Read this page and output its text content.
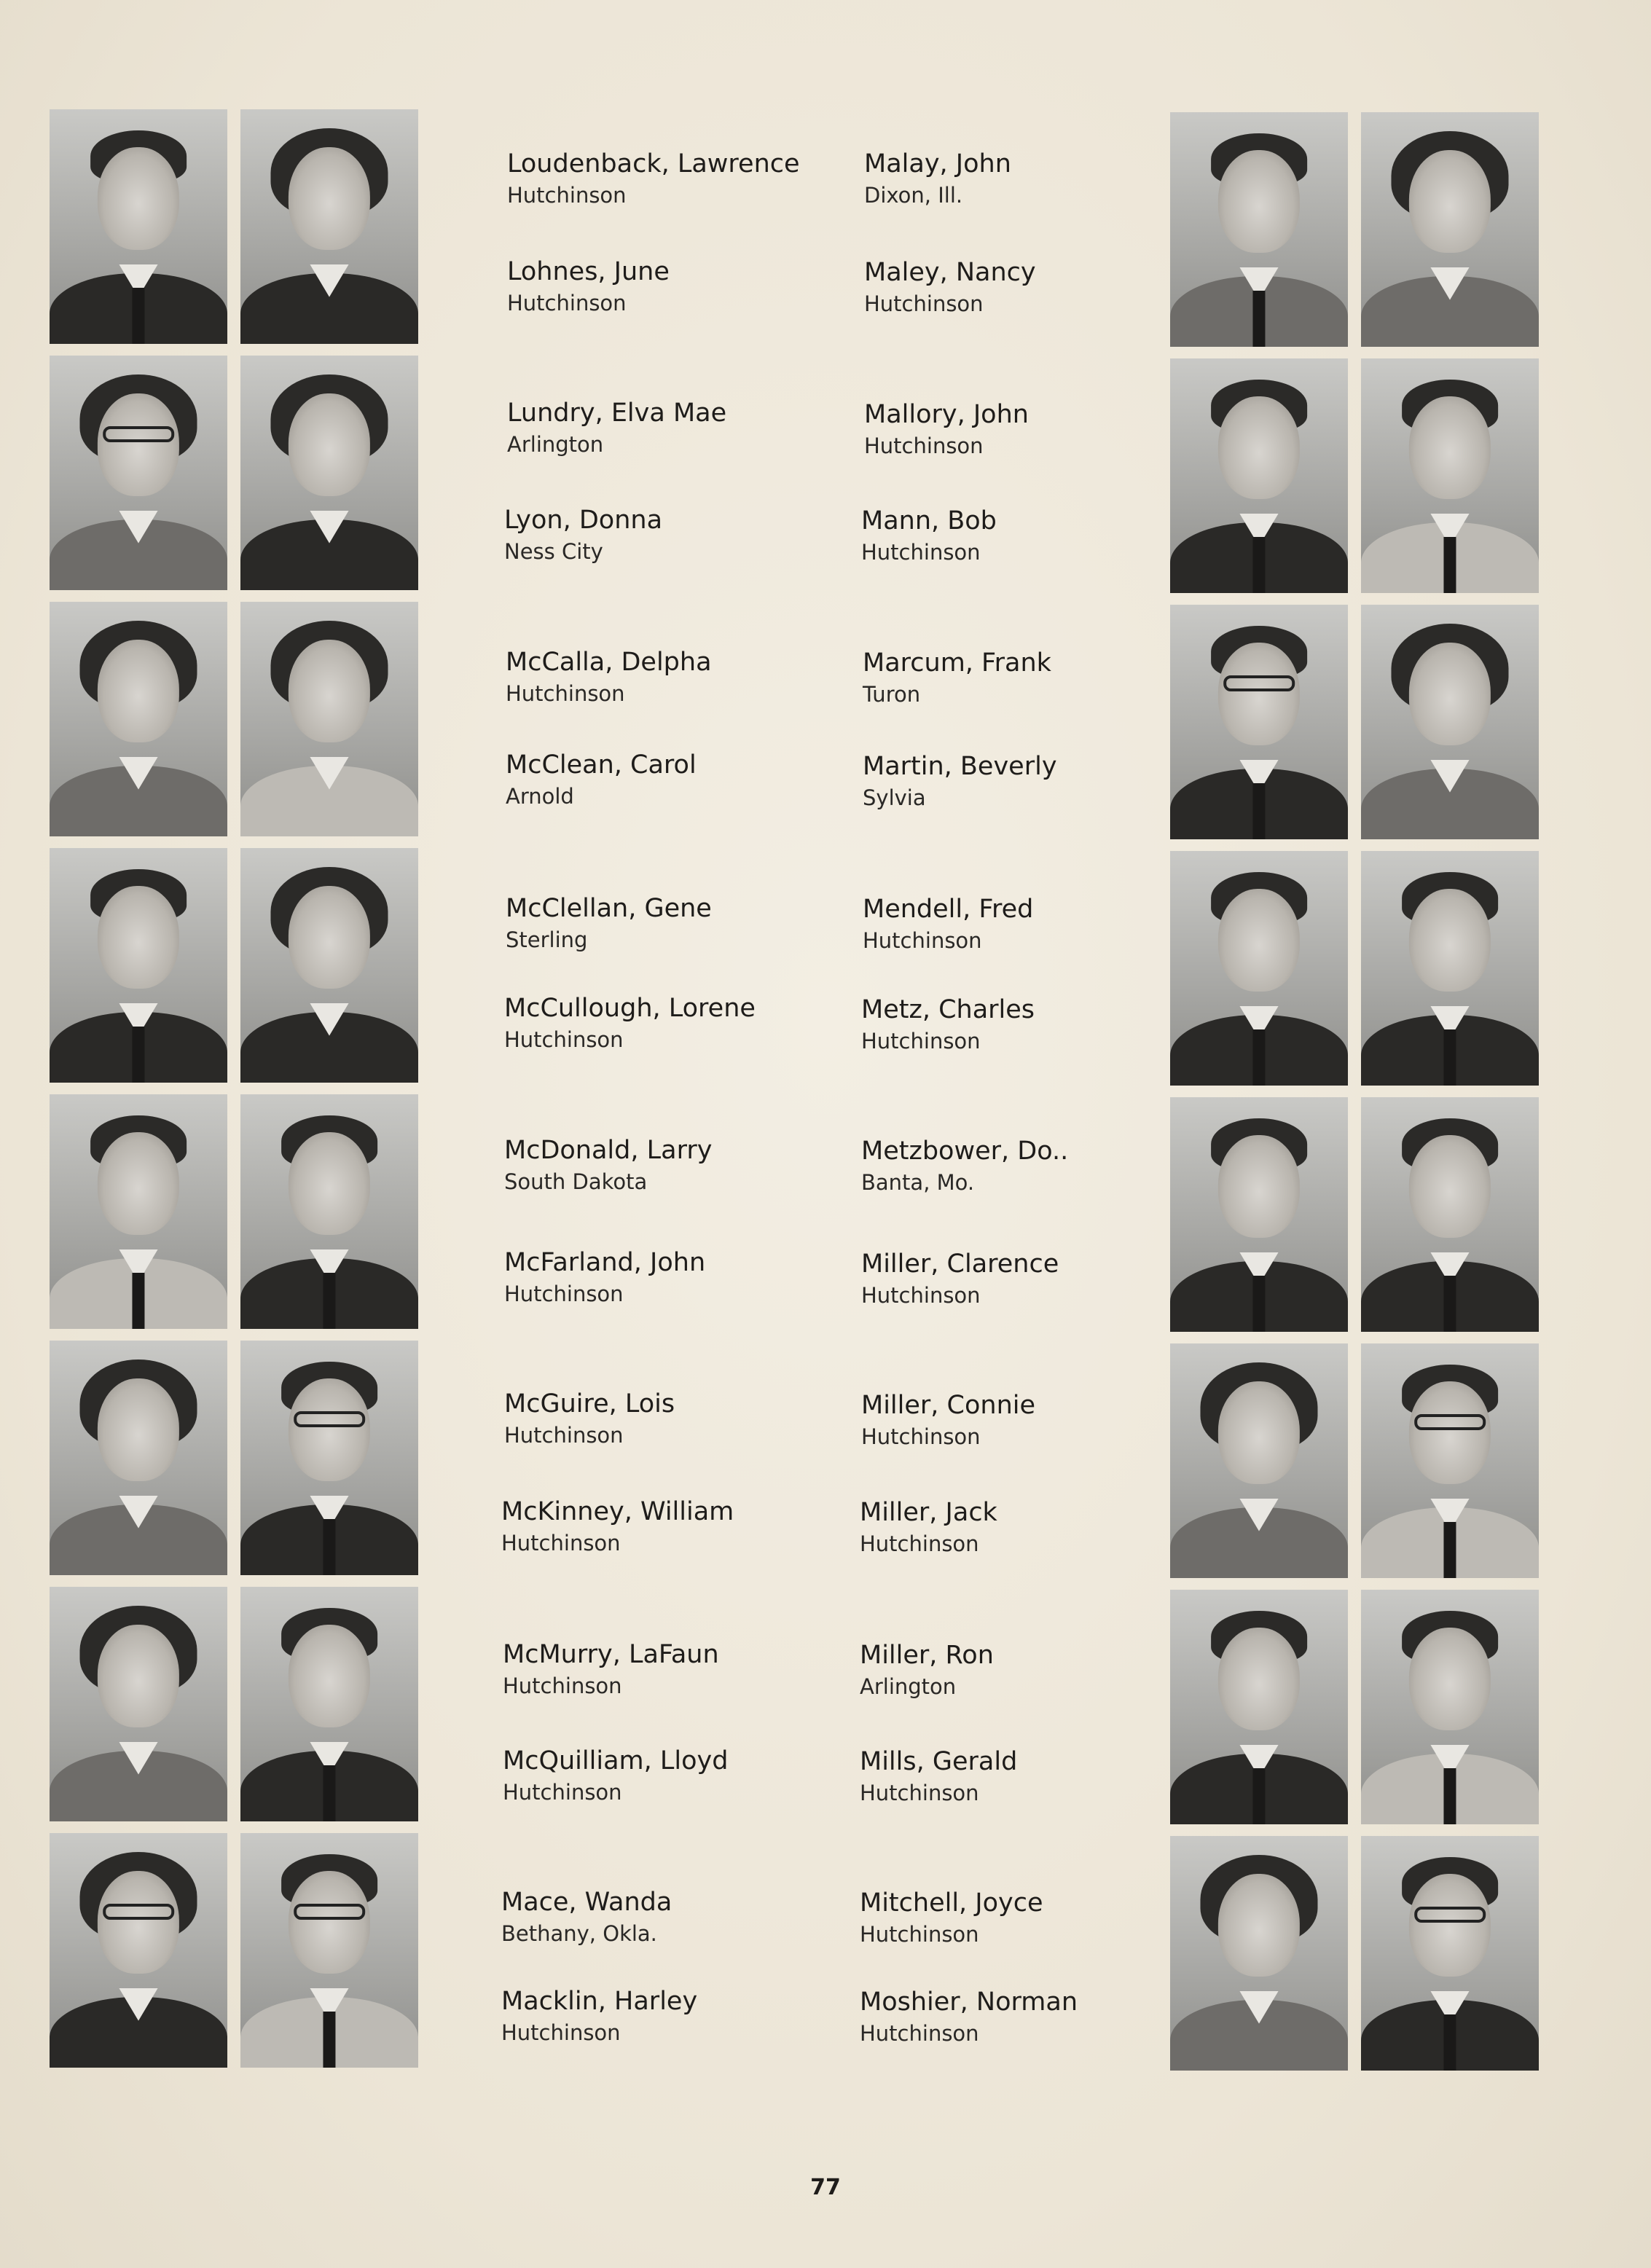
Loudenback, Lawrence
Hutchinson
Lohnes, June
Hutchinson
Lundry, Elva Mae
Arlington
Lyon, Donna
Ness City
McCalla, Delpha
Hutchinson
McClean, Carol
Arnold
McClellan, Gene
Sterling
McCullough, Lorene
Hutchinson
McDonald, Larry
South Dakota
McFarland, John
Hutchinson
McGuire, Lois
Hutchinson
McKinney, William
Hutchinson
McMurry, LaFaun
Hutchinson
McQuilliam, Lloyd
Hutchinson
Mace, Wanda
Bethany, Okla.
Macklin, Harley
Hutchinson
Malay, John
Dixon, Ill.
Maley, Nancy
Hutchinson
Mallory, John
Hutchinson
Mann, Bob
Hutchinson
Marcum, Frank
Turon
Martin, Beverly
Sylvia
Mendell, Fred
Hutchinson
Metz, Charles
Hutchinson
Metzbower, Do..
Banta, Mo.
Miller, Clarence
Hutchinson
Miller, Connie
Hutchinson
Miller, Jack
Hutchinson
Miller, Ron
Arlington
Mills, Gerald
Hutchinson
Mitchell, Joyce
Hutchinson
Moshier, Norman
Hutchinson
77
